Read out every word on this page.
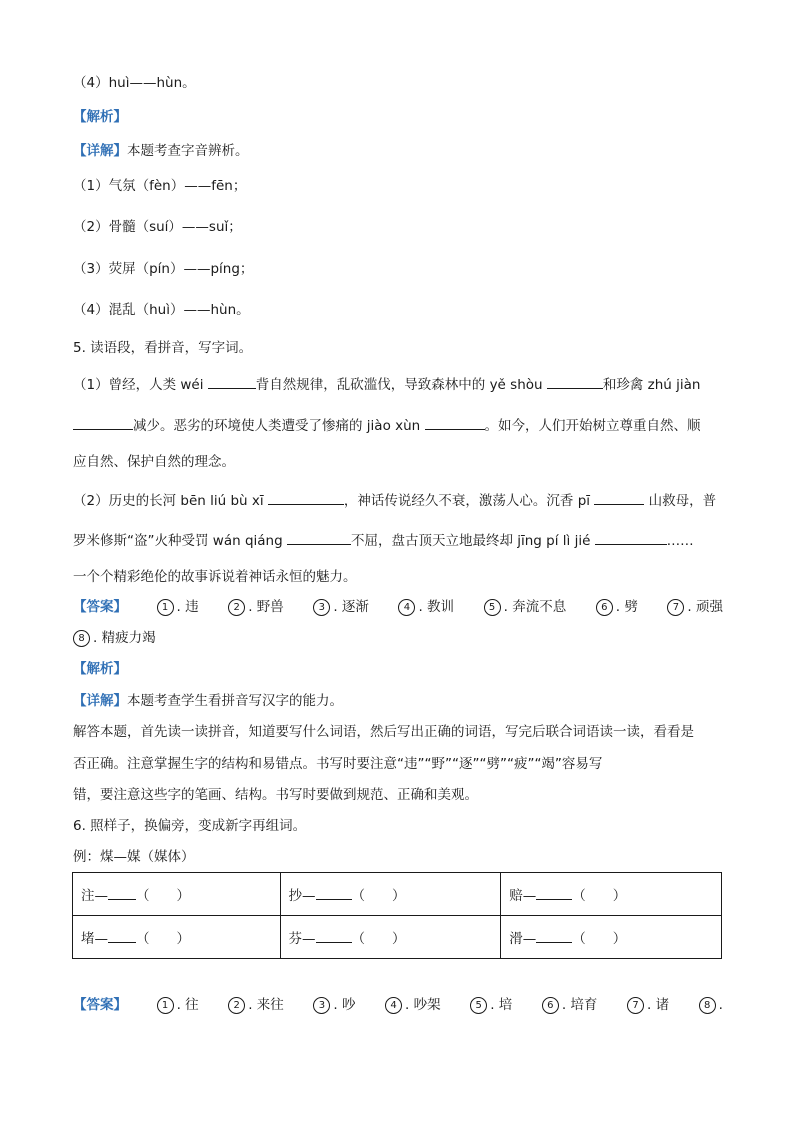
（4）huì——hùn。
【解析】
【详解】本题考查字音辨析。
（1）气氛（fèn）——fēn；
（2）骨髓（suí）——suǐ；
（3）荧屏（pín）——píng；
（4）混乱（huì）——hùn。
5. 读语段，看拼音，写字词。
（1）曾经，人类 wéi	背自然规律，乱砍滥伐，导致森林中的 yě shòu	和珍禽 zhú jiàn
减少。恶劣的环境使人类遭受了惨痛的 jiào xùn	。如今，人们开始树立尊重自然、顺
应自然、保护自然的理念。
（2）历史的长河 bēn liú bù xī	，神话传说经久不衰，激荡人心。沉香 pī	山救母，普
罗米修斯“盗”火种受罚 wán qiáng	不屈，盘古顶天立地最终却 jīng pí lì jié	……
一个个精彩绝伦的故事诉说着神话永恒的魅力。
【答案】	1 . 违	2 . 野兽	3 . 逐渐	4 . 教训	5 . 奔流不息	6 . 劈	7 . 顽强
8 . 精疲力竭
【解析】
【详解】本题考查学生看拼音写汉字的能力。
解答本题，首先读一读拼音，知道要写什么词语，然后写出正确的词语，写完后联合词语读一读，看看是
否正确。注意掌握生字的结构和易错点。书写时要注意“违”“野”“逐”“劈”“疲”“竭”容易写
错，要注意这些字的笔画、结构。书写时要做到规范、正确和美观。
6. 照样子，换偏旁，变成新字再组词。
例：煤—媒（媒体）
注— （　　）	抄— （　　）	赔— （　　）
堵— （　　）	芬— （　　）	滑— （　　）
【答案】	1 . 往	2 . 来往	3 . 吵	4 . 吵架	5 . 培	6 . 培育	7 . 诸	8 .
